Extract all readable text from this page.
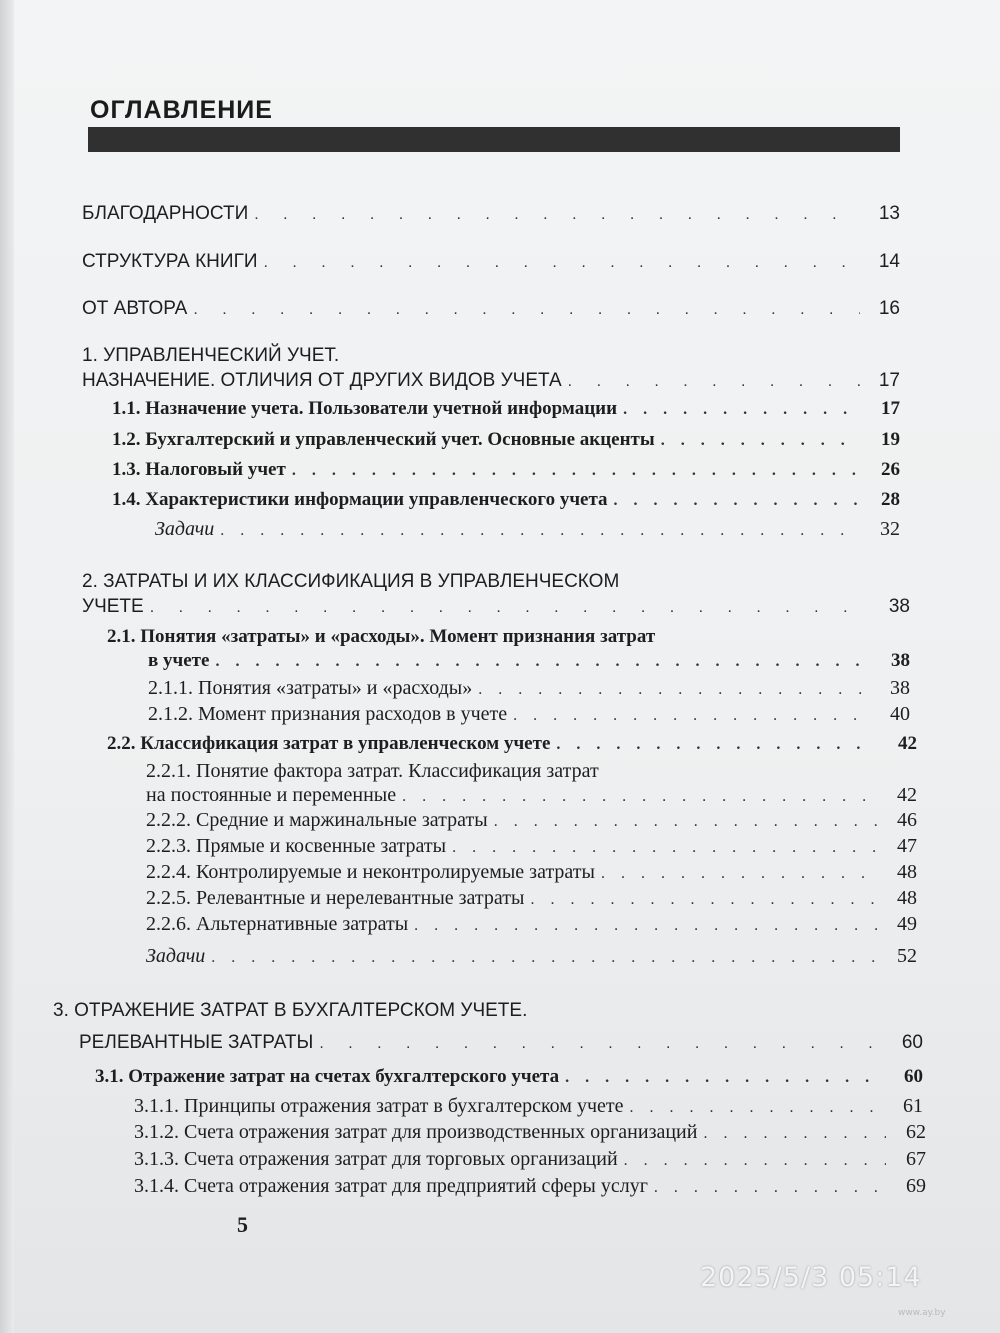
ОГЛАВЛЕНИЕ
БЛАГОДАРНОСТИ . . .	13
СТРУКТУРА КНИГИ . . .	14
ОТ АВТОРА . . .	16
1. УПРАВЛЕНЧЕСКИЙ УЧЕТ.
НАЗНАЧЕНИЕ. ОТЛИЧИЯ ОТ ДРУГИХ ВИДОВ УЧЕТА . . .	17
1.1. Назначение учета. Пользователи учетной информации . . .	17
1.2. Бухгалтерский и управленческий учет. Основные акценты . . .	19
1.3. Налоговый учет . . .	26
1.4. Характеристики информации управленческого учета . . .	28
Задачи . . .	32
2. ЗАТРАТЫ И ИХ КЛАССИФИКАЦИЯ В УПРАВЛЕНЧЕСКОМ
УЧЕТЕ . . .	38
2.1. Понятия «затраты» и «расходы». Момент признания затрат
в учете . . .	38
2.1.1. Понятия «затраты» и «расходы» . . .	38
2.1.2. Момент признания расходов в учете . . .	40
2.2. Классификация затрат в управленческом учете . . .	42
2.2.1. Понятие фактора затрат. Классификация затрат
на постоянные и переменные . . .	42
2.2.2. Средние и маржинальные затраты . . .	46
2.2.3. Прямые и косвенные затраты . . .	47
2.2.4. Контролируемые и неконтролируемые затраты . . .	48
2.2.5. Релевантные и нерелевантные затраты . . .	48
2.2.6. Альтернативные затраты . . .	49
Задачи . . .	52
3. ОТРАЖЕНИЕ ЗАТРАТ В БУХГАЛТЕРСКОМ УЧЕТЕ.
РЕЛЕВАНТНЫЕ ЗАТРАТЫ . . .	60
3.1. Отражение затрат на счетах бухгалтерского учета . . .	60
3.1.1. Принципы отражения затрат в бухгалтерском учете . . .	61
3.1.2. Счета отражения затрат для производственных организаций . . .	62
3.1.3. Счета отражения затрат для торговых организаций . . .	67
3.1.4. Счета отражения затрат для предприятий сферы услуг . . .	69
5
2025/5/3 05:14
www.ay.by
